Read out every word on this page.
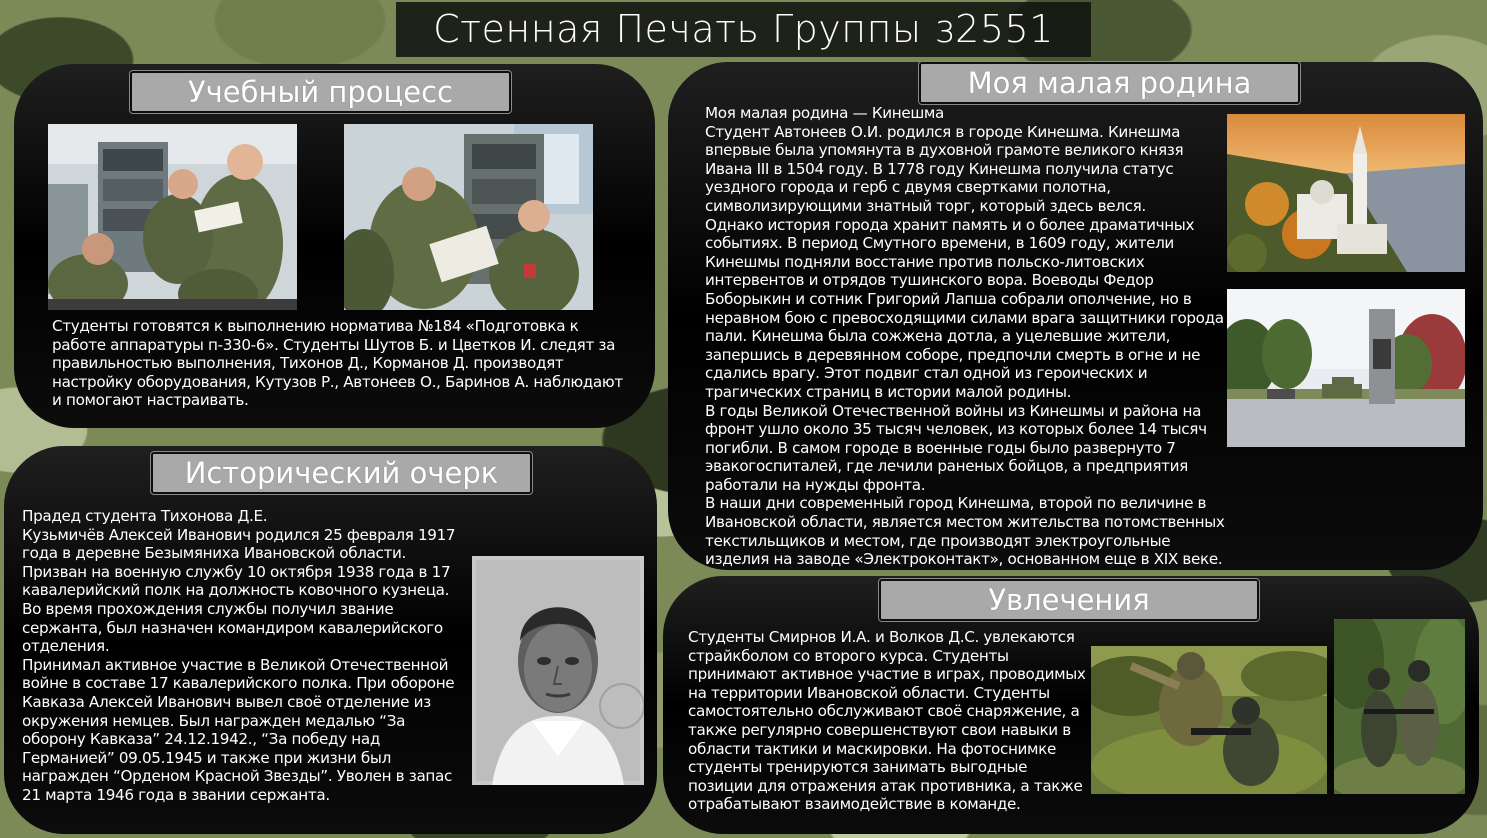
Стенная Печать Группы з2551
Учебный процесс
Студенты готовятся к выполнению норматива №184 «Подготовка к работе аппаратуры п-330-6». Студенты Шутов Б. и Цветков И. следят за правильностью выполнения, Тихонов Д., Корманов Д. производят настройку оборудования, Кутузов Р., Автонеев О., Баринов А. наблюдают и помогают настраивать.
Исторический очерк
Прадед студента Тихонова Д.Е.
Кузьмичёв Алексей Иванович родился 25 февраля 1917 года в деревне Безымяниха Ивановской области. Призван на военную службу 10 октября 1938 года в 17 кавалерийский полк на должность ковочного кузнеца. Во время прохождения службы получил звание сержанта, был назначен командиром кавалерийского отделения.
Принимал активное участие в Великой Отечественной войне в составе 17 кавалерийского полка. При обороне Кавказа Алексей Иванович вывел своё отделение из окружения немцев. Был награжден медалью “За оборону Кавказа” 24.12.1942., “За победу над Германией” 09.05.1945 и также при жизни был награжден “Орденом Красной Звезды”. Уволен в запас 21 марта 1946 года в звании сержанта.
Моя малая родина
Моя малая родина — Кинешма
Студент Автонеев О.И. родился в городе Кинешма. Кинешма впервые была упомянута в духовной грамоте великого князя Ивана III в 1504 году. В 1778 году Кинешма получила статус уездного города и герб с двумя свертками полотна, символизирующими знатный торг, который здесь велся.
Однако история города хранит память и о более драматичных событиях. В период Смутного времени, в 1609 году, жители Кинешмы подняли восстание против польско-литовских интервентов и отрядов тушинского вора. Воеводы Федор Боборыкин и сотник Григорий Лапша собрали ополчение, но в неравном бою с превосходящими силами врага защитники города пали. Кинешма была сожжена дотла, а уцелевшие жители, запершись в деревянном соборе, предпочли смерть в огне и не сдались врагу. Этот подвиг стал одной из героических и трагических страниц в истории малой родины.
В годы Великой Отечественной войны из Кинешмы и района на фронт ушло около 35 тысяч человек, из которых более 14 тысяч погибли. В самом городе в военные годы было развернуто 7 эвакогоспиталей, где лечили раненых бойцов, а предприятия работали на нужды фронта.
В наши дни современный город Кинешма, второй по величине в Ивановской области, является местом жительства потомственных текстильщиков и местом, где производят электроугольные изделия на заводе «Электроконтакт», основанном еще в XIX веке.
Увлечения
Студенты Смирнов И.А. и Волков Д.С. увлекаются страйкболом со второго курса. Студенты принимают активное участие в играх, проводимых на территории Ивановской области. Студенты самостоятельно обслуживают своё снаряжение, а также регулярно совершенствуют свои навыки в области тактики и маскировки. На фотоснимке студенты тренируются занимать выгодные позиции для отражения атак противника, а также отрабатывают взаимодействие в команде.
